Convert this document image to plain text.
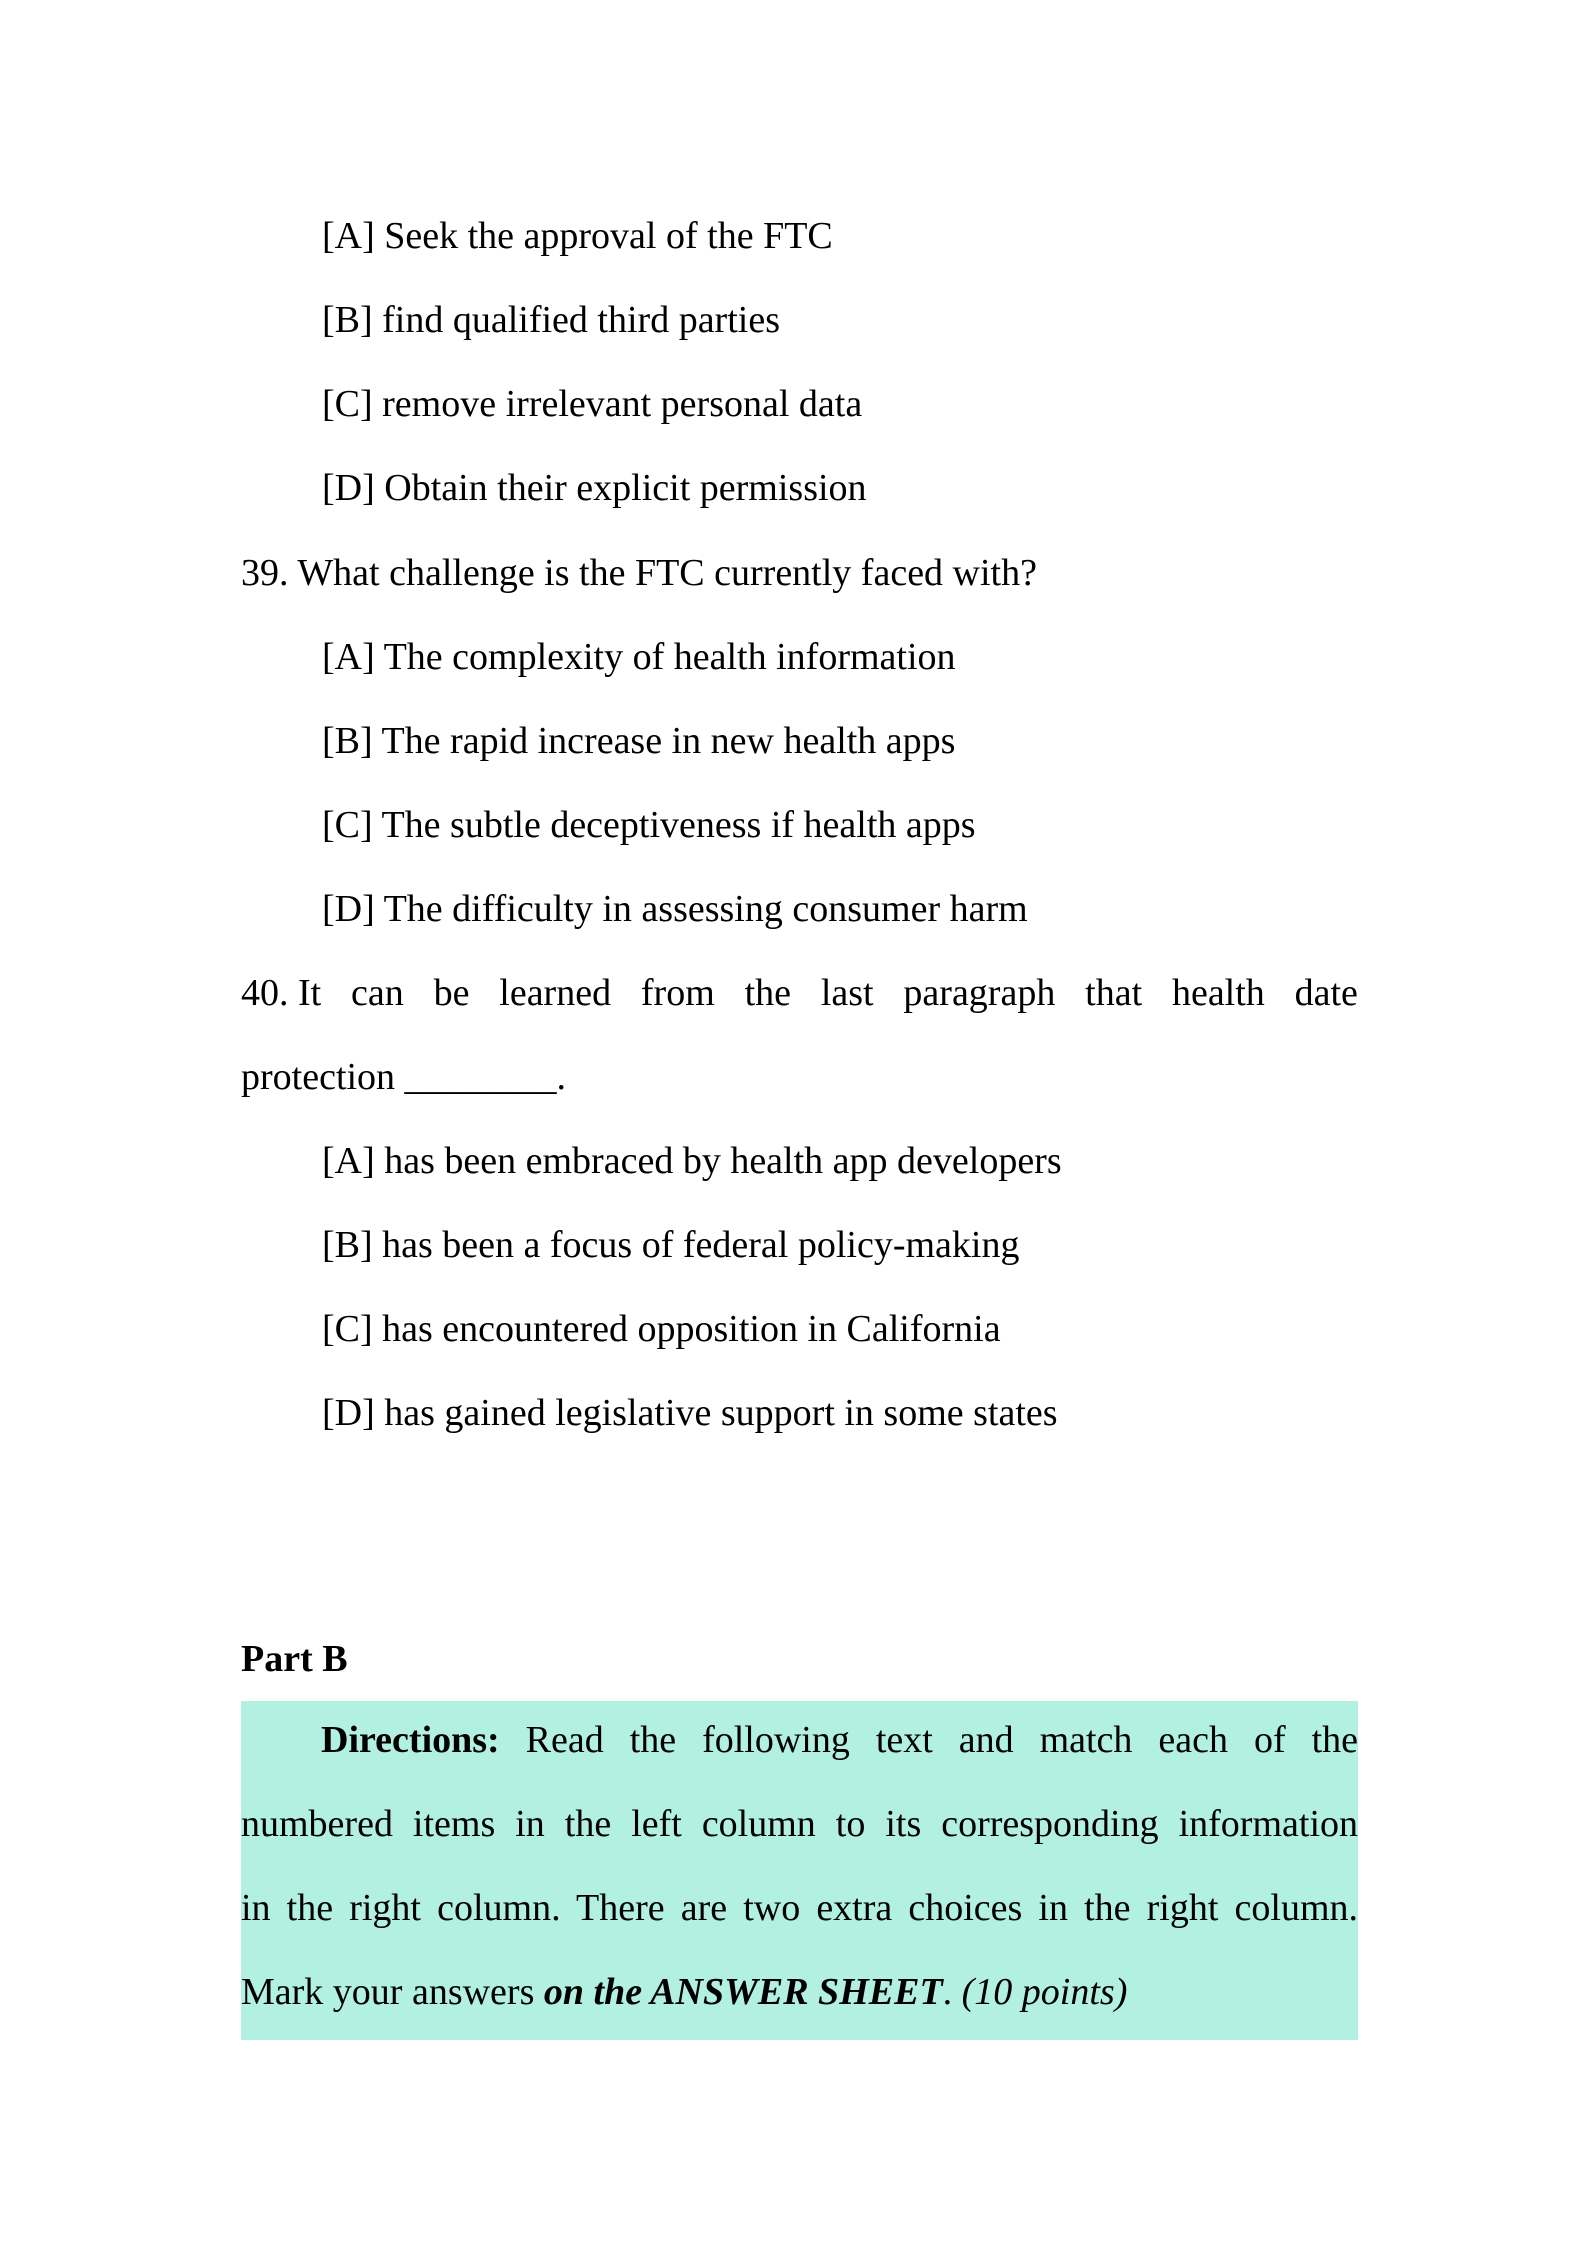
[A] Seek the approval of the FTC
[B] find qualified third parties
[C] remove irrelevant personal data
[D] Obtain their explicit permission
39. What challenge is the FTC currently faced with?
[A] The complexity of health information
[B] The rapid increase in new health apps
[C] The subtle deceptiveness if health apps
[D] The difficulty in assessing consumer harm
40. It can be learned from the last paragraph that health date
protection ________.
[A] has been embraced by health app developers
[B] has been a focus of federal policy-making
[C] has encountered opposition in California
[D] has gained legislative support in some states
Part B
Directions: Read the following text and match each of the
numbered items in the left column to its corresponding information
in the right column. There are two extra choices in the right column.
Mark your answers on the ANSWER SHEET. (10 points)
